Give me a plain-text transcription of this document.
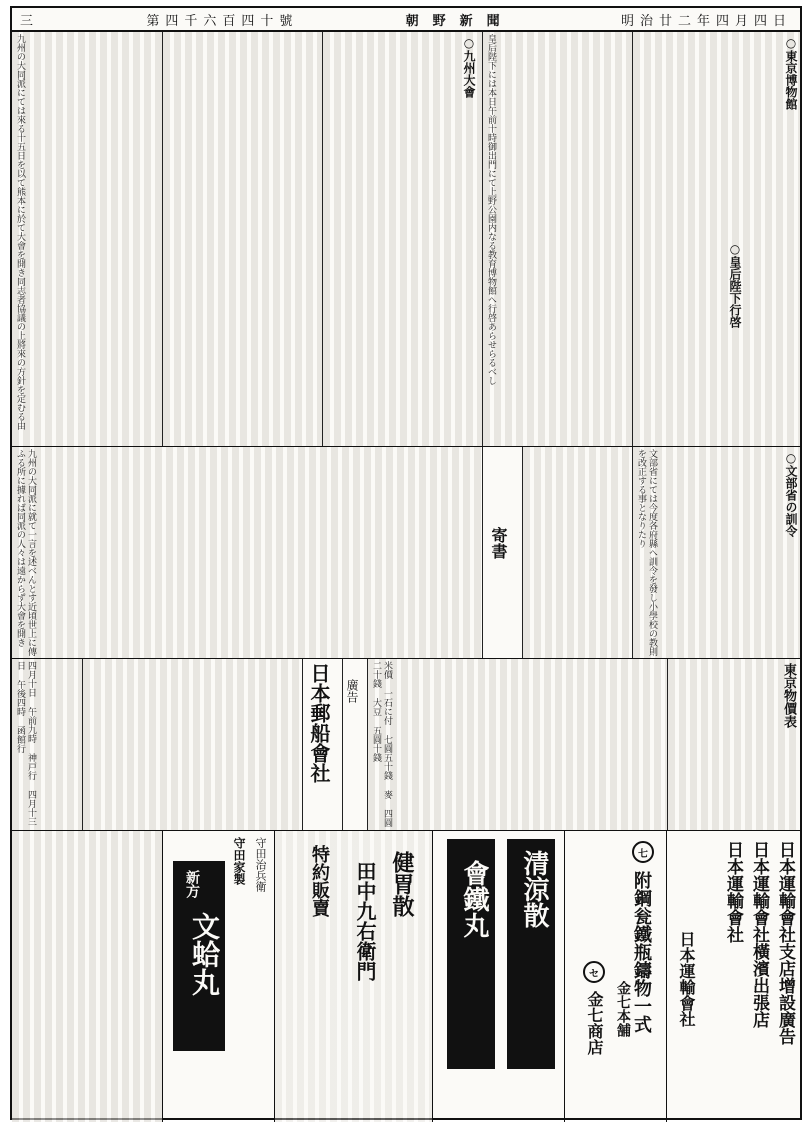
三	第四千六百四十號	朝野新聞	明治廿二年四月四日
九州の大同派にては來る十五日を以て熊本に於て大會を開き同志者協議の上將來の方針を定むる由	○九州大會	皇后陛下には本日午前十時御出門にて上野公園内なる教育博物館へ行啓あらせらるべし	○東京博物館
○皇后陛下行啓
九州の大同派に就て一言を述べんとす近頃世上に傳ふる所に據れば同派の人々は遠からず大會を開き	寄書
○文部省の訓令
文部省にては今度各府縣へ訓令を發し小學校の教則を改正する事となりたり
四月十日 午前九時 神戸行 四月十三日 午後四時 函館行	日本郵船會社 廣告	米價 一石に付 七圓五十錢 麥 四圓二十錢 大豆 五圓十錢	東京物價表
守田治兵衛
守田家製
新方
文蛤丸
健胃散
田中九右衛門
特約販賣	清涼散
會鐵丸
七
附鋼瓮鐵瓶鑄物一式
セ
金七商店 金七本舗	日本運輸會社支店增設廣告
日本運輸會社橫濱出張店
日本運輸會社
日本運輸會社
